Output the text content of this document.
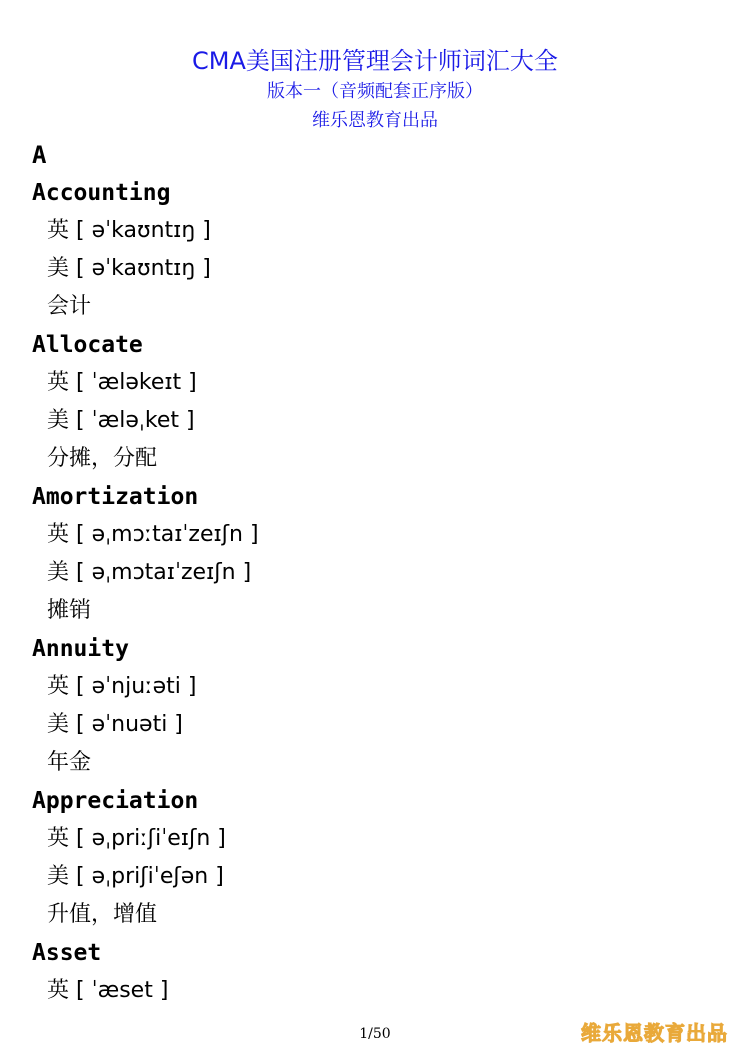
CMA美国注册管理会计师词汇大全
版本一（音频配套正序版）
维乐恩教育出品
A
Accounting
英 [ əˈkaʊntɪŋ ]
美 [ əˈkaʊntɪŋ ]
会计
Allocate
英 [ ˈæləkeɪt ]
美 [ ˈæləˌket ]
分摊，分配
Amortization
英 [ əˌmɔːtaɪˈzeɪʃn ]
美 [ əˌmɔtaɪˈzeɪʃn ]
摊销
Annuity
英 [ əˈnjuːəti ]
美 [ əˈnuəti ]
年金
Appreciation
英 [ əˌpriːʃiˈeɪʃn ]
美 [ əˌpriʃiˈeʃən ]
升值，增值
Asset
英 [ ˈæset ]
1/50	维乐恩教育出品
